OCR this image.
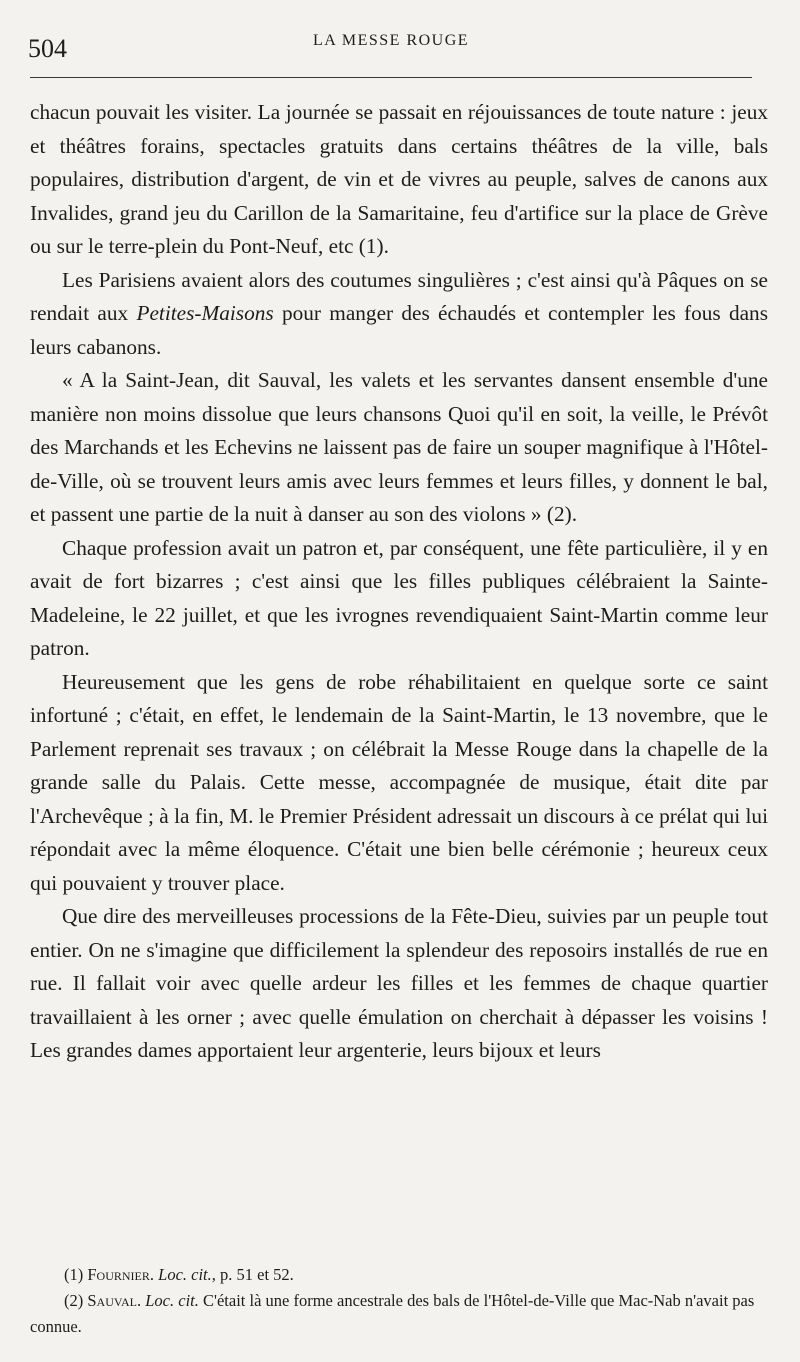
504	LA MESSE ROUGE

chacun pouvait les visiter. La journée se passait en réjouissances de toute nature : jeux et théâtres forains, spectacles gratuits dans certains théâtres de la ville, bals populaires, distribution d'argent, de vin et de vivres au peuple, salves de canons aux Invalides, grand jeu du Carillon de la Samaritaine, feu d'artifice sur la place de Grève ou sur le terre-plein du Pont-Neuf, etc (1).

Les Parisiens avaient alors des coutumes singulières ; c'est ainsi qu'à Pâques on se rendait aux Petites-Maisons pour manger des échaudés et contempler les fous dans leurs cabanons.

« A la Saint-Jean, dit Sauval, les valets et les servantes dansent ensemble d'une manière non moins dissolue que leurs chansons Quoi qu'il en soit, la veille, le Prévôt des Marchands et les Echevins ne laissent pas de faire un souper magnifique à l'Hôtel-de-Ville, où se trouvent leurs amis avec leurs femmes et leurs filles, y donnent le bal, et passent une partie de la nuit à danser au son des violons » (2).

Chaque profession avait un patron et, par conséquent, une fête particulière, il y en avait de fort bizarres ; c'est ainsi que les filles publiques célébraient la Sainte-Madeleine, le 22 juillet, et que les ivrognes revendiquaient Saint-Martin comme leur patron.

Heureusement que les gens de robe réhabilitaient en quelque sorte ce saint infortuné ; c'était, en effet, le lendemain de la Saint-Martin, le 13 novembre, que le Parlement reprenait ses travaux ; on célébrait la Messe Rouge dans la chapelle de la grande salle du Palais. Cette messe, accompagnée de musique, était dite par l'Archevêque ; à la fin, M. le Premier Président adressait un discours à ce prélat qui lui répondait avec la même éloquence. C'était une bien belle cérémonie ; heureux ceux qui pouvaient y trouver place.

Que dire des merveilleuses processions de la Fête-Dieu, suivies par un peuple tout entier. On ne s'imagine que difficilement la splendeur des reposoirs installés de rue en rue. Il fallait voir avec quelle ardeur les filles et les femmes de chaque quartier travaillaient à les orner ; avec quelle émulation on cherchait à dépasser les voisins ! Les grandes dames apportaient leur argenterie, leurs bijoux et leurs

(1) Fournier. Loc. cit., p. 51 et 52.

(2) Sauval. Loc. cit. C'était là une forme ancestrale des bals de l'Hôtel-de-Ville que Mac-Nab n'avait pas connue.
